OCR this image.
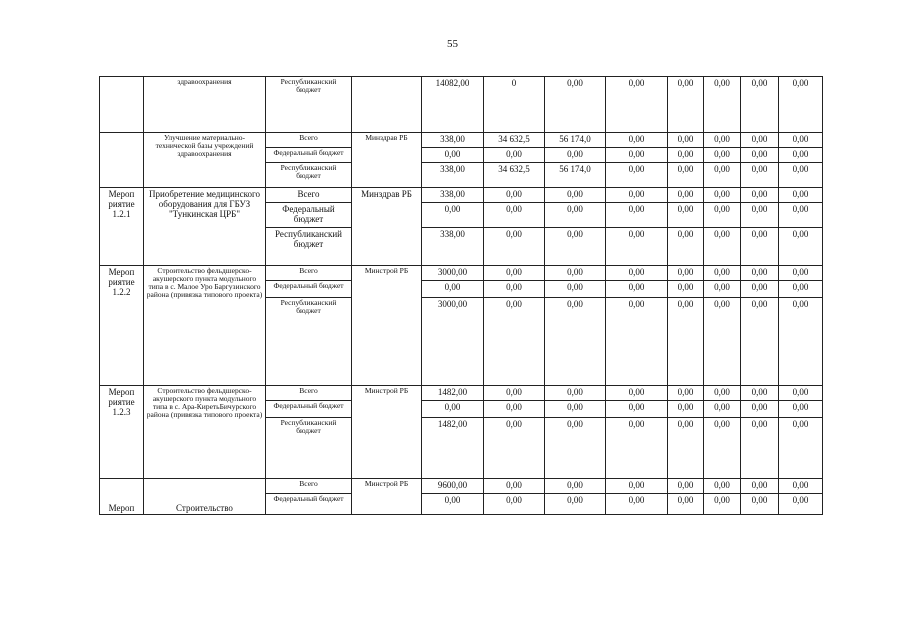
55
	здравоохранения	Республиканский бюджет		14082,00	0	0,00	0,00	0,00	0,00	0,00	0,00
	Улучшение материально-технической базы учреждений здравоохранения	Всего	Минздрав РБ	338,00	34 632,5	56 174,0	0,00	0,00	0,00	0,00	0,00
		Федеральный бюджет		0,00	0,00	0,00	0,00	0,00	0,00	0,00	0,00
		Республиканский бюджет		338,00	34 632,5	56 174,0	0,00	0,00	0,00	0,00	0,00
Мероп риятие 1.2.1	Приобретение медицинского оборудования для ГБУЗ "Тункинская ЦРБ"	Всего	Минздрав РБ	338,00	0,00	0,00	0,00	0,00	0,00	0,00	0,00
		Федеральный бюджет		0,00	0,00	0,00	0,00	0,00	0,00	0,00	0,00
		Республиканский бюджет		338,00	0,00	0,00	0,00	0,00	0,00	0,00	0,00
Мероп риятие 1.2.2	Строительство фельдшерско-акушерского пункта модульного типа в с. Малое Уро Баргузинского района (привязка типового проекта)	Всего	Минстрой РБ	3000,00	0,00	0,00	0,00	0,00	0,00	0,00	0,00
		Федеральный бюджет		0,00	0,00	0,00	0,00	0,00	0,00	0,00	0,00
		Республиканский бюджет		3000,00	0,00	0,00	0,00	0,00	0,00	0,00	0,00
Мероп риятие 1.2.3	Строительство фельдшерско-акушерского пункта модульного типа в с. Ара-КиретьБичурского района (привязка типового проекта)	Всего	Минстрой РБ	1482,00	0,00	0,00	0,00	0,00	0,00	0,00	0,00
		Федеральный бюджет		0,00	0,00	0,00	0,00	0,00	0,00	0,00	0,00
		Республиканский бюджет		1482,00	0,00	0,00	0,00	0,00	0,00	0,00	0,00
Мероп	Строительство	Всего	Минстрой РБ	9600,00	0,00	0,00	0,00	0,00	0,00	0,00	0,00
		Федеральный бюджет		0,00	0,00	0,00	0,00	0,00	0,00	0,00	0,00
